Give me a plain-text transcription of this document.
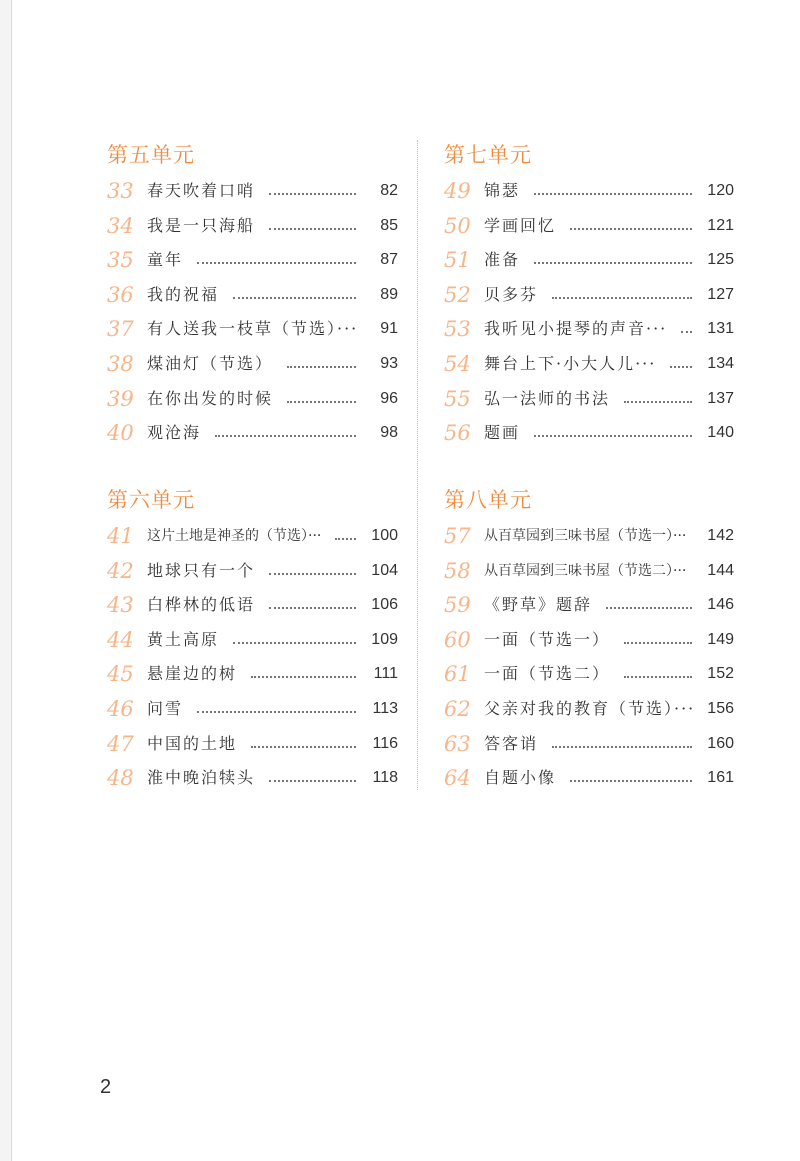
第五单元
33 春天吹着口哨	82
34 我是一只海船	85
35 童年	87
36 我的祝福	89
37 有人送我一枝草（节选）···	91
38 煤油灯（节选）	93
39 在你出发的时候	96
40 观沧海	98
第六单元
41 这片土地是神圣的（节选）···	100
42 地球只有一个	104
43 白桦林的低语	106
44 黄土高原	109
45 悬崖边的树	111
46 问雪	113
47 中国的土地	116
48 淮中晚泊犊头	118
第七单元
49 锦瑟	120
50 学画回忆	121
51 准备	125
52 贝多芬	127
53 我听见小提琴的声音···	131
54 舞台上下·小大人儿···	134
55 弘一法师的书法	137
56 题画	140
第八单元
57 从百草园到三味书屋（节选一）···	142
58 从百草园到三味书屋（节选二）···	144
59 《野草》题辞	146
60 一面（节选一）	149
61 一面（节选二）	152
62 父亲对我的教育（节选）··· 156
63 答客诮	160
64 自题小像	161
2
